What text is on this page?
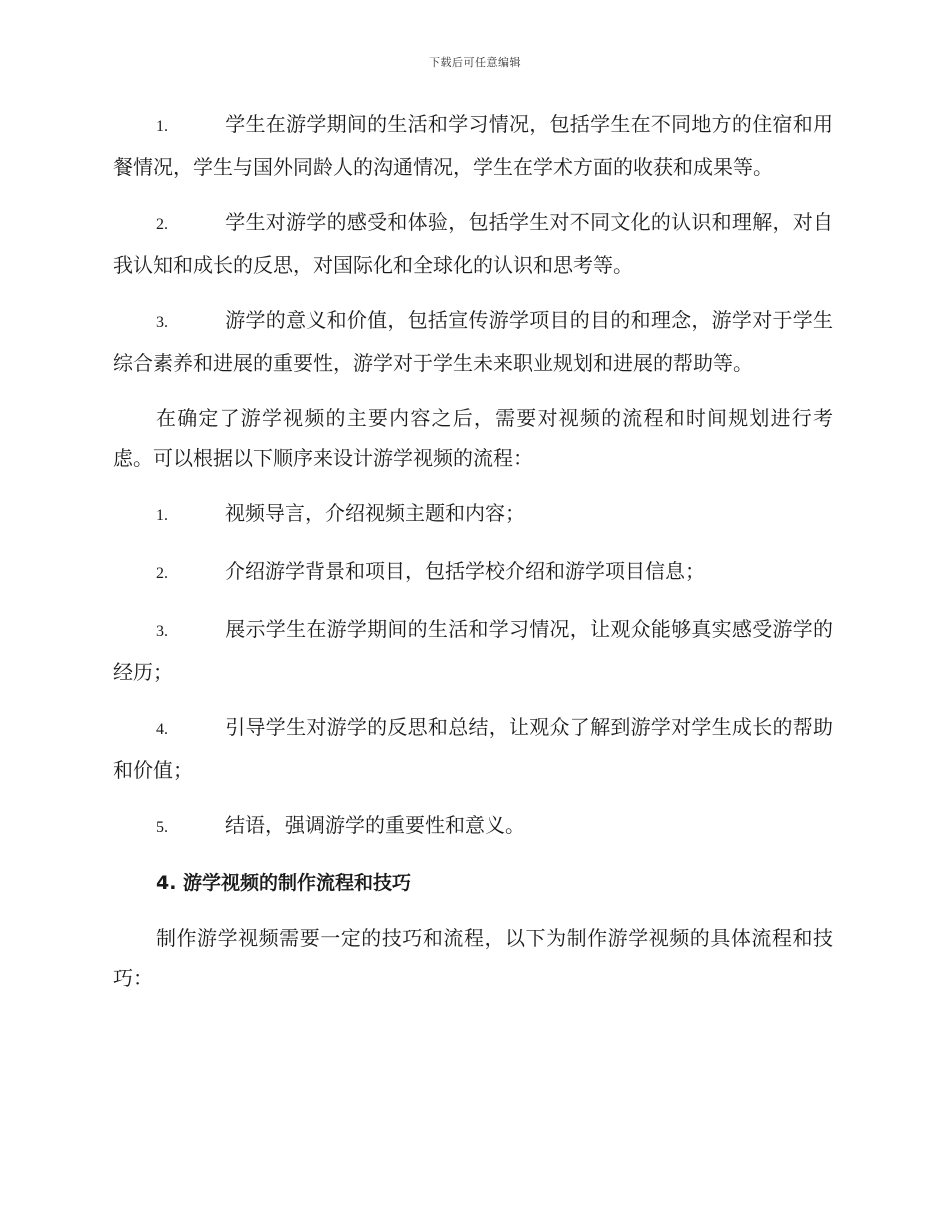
下载后可任意编辑
1.	学生在游学期间的生活和学习情况，包括学生在不同地方的住宿和用餐情况，学生与国外同龄人的沟通情况，学生在学术方面的收获和成果等。
2.	学生对游学的感受和体验，包括学生对不同文化的认识和理解，对自我认知和成长的反思，对国际化和全球化的认识和思考等。
3.	游学的意义和价值，包括宣传游学项目的目的和理念，游学对于学生综合素养和进展的重要性，游学对于学生未来职业规划和进展的帮助等。
在确定了游学视频的主要内容之后，需要对视频的流程和时间规划进行考虑。可以根据以下顺序来设计游学视频的流程：
1.	视频导言，介绍视频主题和内容；
2.	介绍游学背景和项目，包括学校介绍和游学项目信息；
3.	展示学生在游学期间的生活和学习情况，让观众能够真实感受游学的经历；
4.	引导学生对游学的反思和总结，让观众了解到游学对学生成长的帮助和价值；
5.	结语，强调游学的重要性和意义。
4. 游学视频的制作流程和技巧
制作游学视频需要一定的技巧和流程，以下为制作游学视频的具体流程和技巧：
